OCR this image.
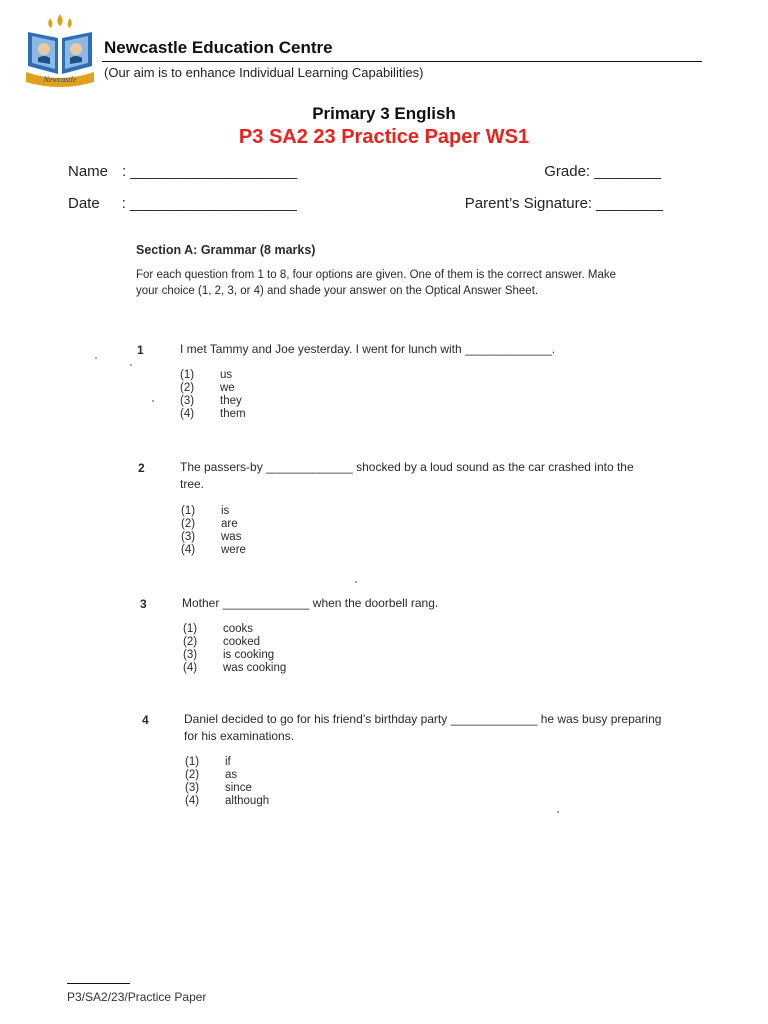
Newcastle
Newcastle Education Centre
(Our aim is to enhance Individual Learning Capabilities)
Primary 3 English
P3 SA2 23 Practice Paper WS1
Name : ____________________
Date : ____________________
Grade: ________
Parent’s Signature: ________
Section A: Grammar (8 marks)
For each question from 1 to 8, four options are given. One of them is the correct answer. Make your choice (1, 2, 3, or 4) and shade your answer on the Optical Answer Sheet.
1	I met Tammy and Joe yesterday. I went for lunch with _____________.
(1) us
(2) we
(3) they
(4) them
2	The passers-by _____________ shocked by a loud sound as the car crashed into the tree.
(1) is
(2) are
(3) was
(4) were
3	Mother _____________ when the doorbell rang.
(1) cooks
(2) cooked
(3) is cooking
(4) was cooking
4	Daniel decided to go for his friend’s birthday party _____________ he was busy preparing for his examinations.
(1) if
(2) as
(3) since
(4) although
P3/SA2/23/Practice Paper
